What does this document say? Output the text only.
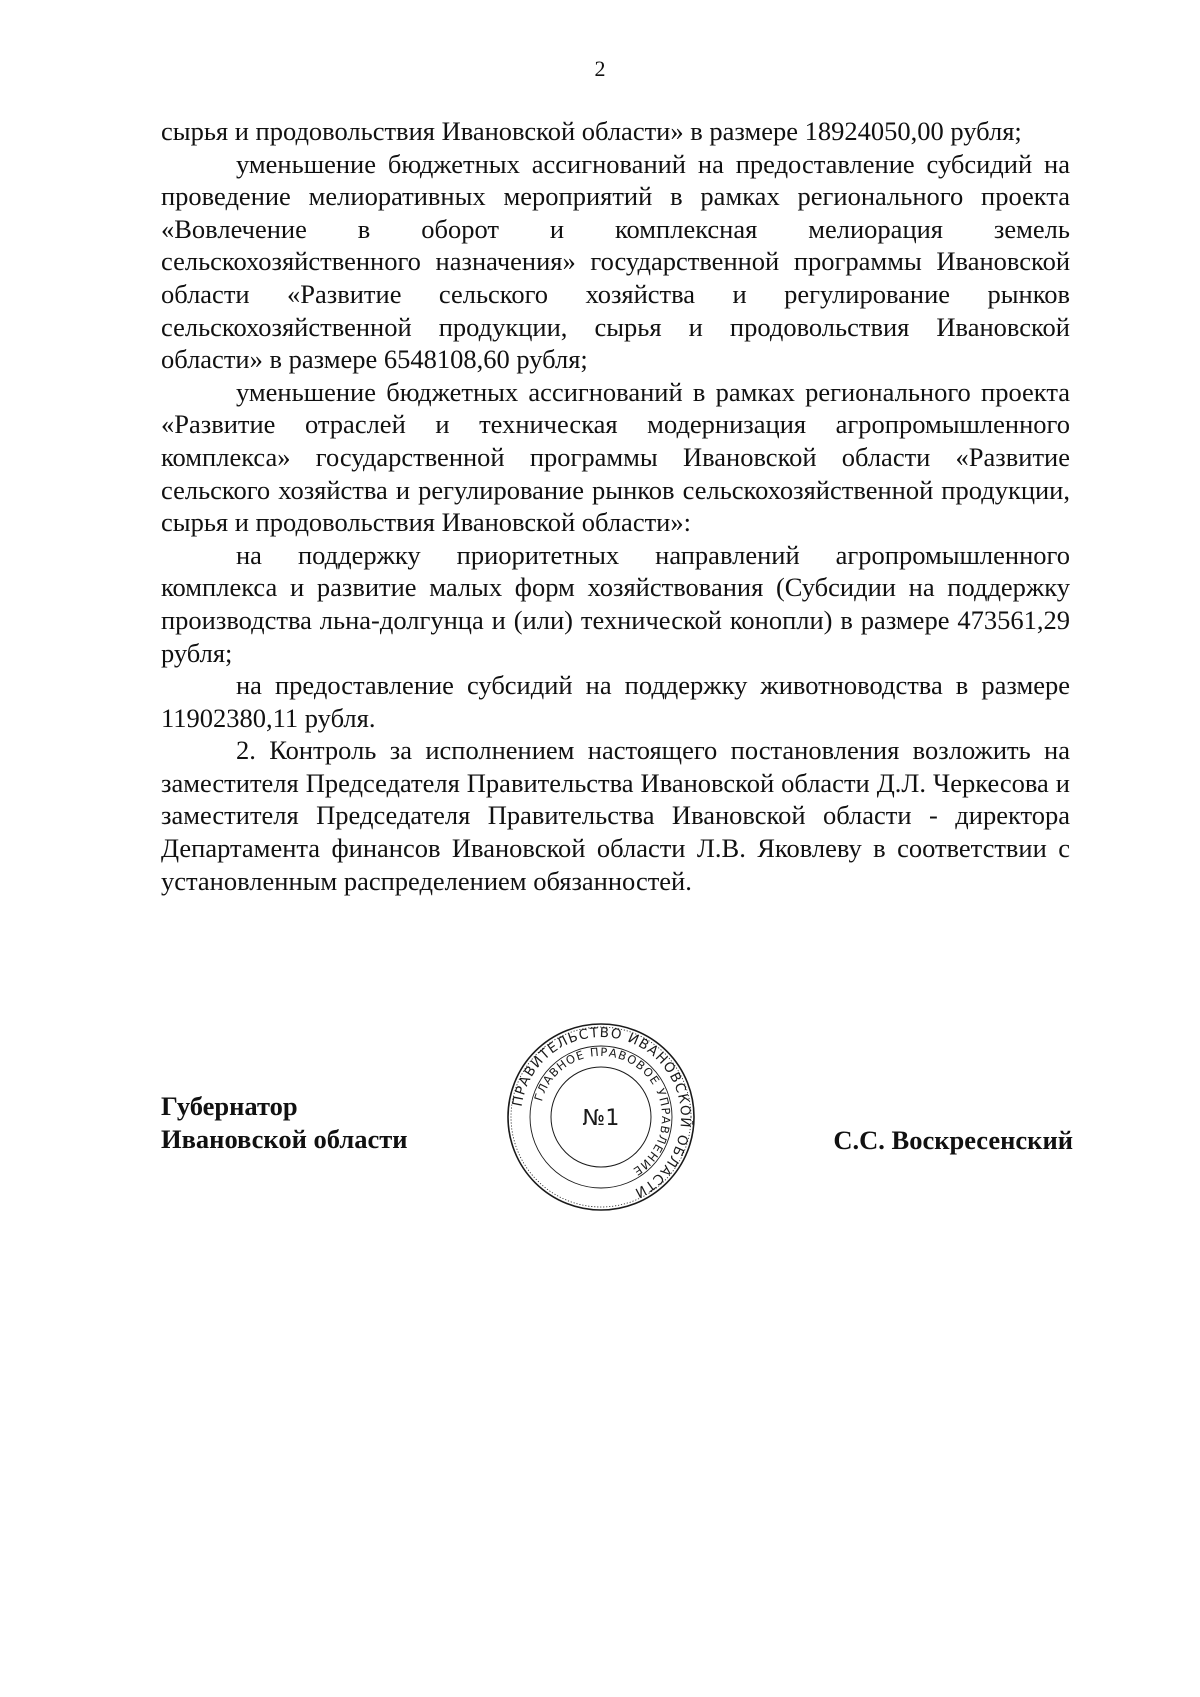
2

сырья и продовольствия Ивановской области» в размере 18924050,00 рубля;

уменьшение бюджетных ассигнований на предоставление субсидий на проведение мелиоративных мероприятий в рамках регионального проекта «Вовлечение в оборот и комплексная мелиорация земель сельскохозяйственного назначения» государственной программы Ивановской области «Развитие сельского хозяйства и регулирование рынков сельскохозяйственной продукции, сырья и продовольствия Ивановской области» в размере 6548108,60 рубля;

уменьшение бюджетных ассигнований в рамках регионального проекта «Развитие отраслей и техническая модернизация агропромышленного комплекса» государственной программы Ивановской области «Развитие сельского хозяйства и регулирование рынков сельскохозяйственной продукции, сырья и продовольствия Ивановской области»:

на поддержку приоритетных направлений агропромышленного комплекса и развитие малых форм хозяйствования (Субсидии на поддержку производства льна-долгунца и (или) технической конопли) в размере 473561,29 рубля;

на предоставление субсидий на поддержку животноводства в размере 11902380,11 рубля.

2. Контроль за исполнением настоящего постановления возложить на заместителя Председателя Правительства Ивановской области Д.Л. Черкесова и заместителя Председателя Правительства Ивановской области - директора Департамента финансов Ивановской области Л.В. Яковлеву в соответствии с установленным распределением обязанностей.

Губернатор
Ивановской области
ПРАВИТЕЛЬСТВО ИВАНОВСКОЙ ОБЛАСТИ
ГЛАВНОЕ ПРАВОВОЕ УПРАВЛЕНИЕ
№1
С.С. Воскресенский
